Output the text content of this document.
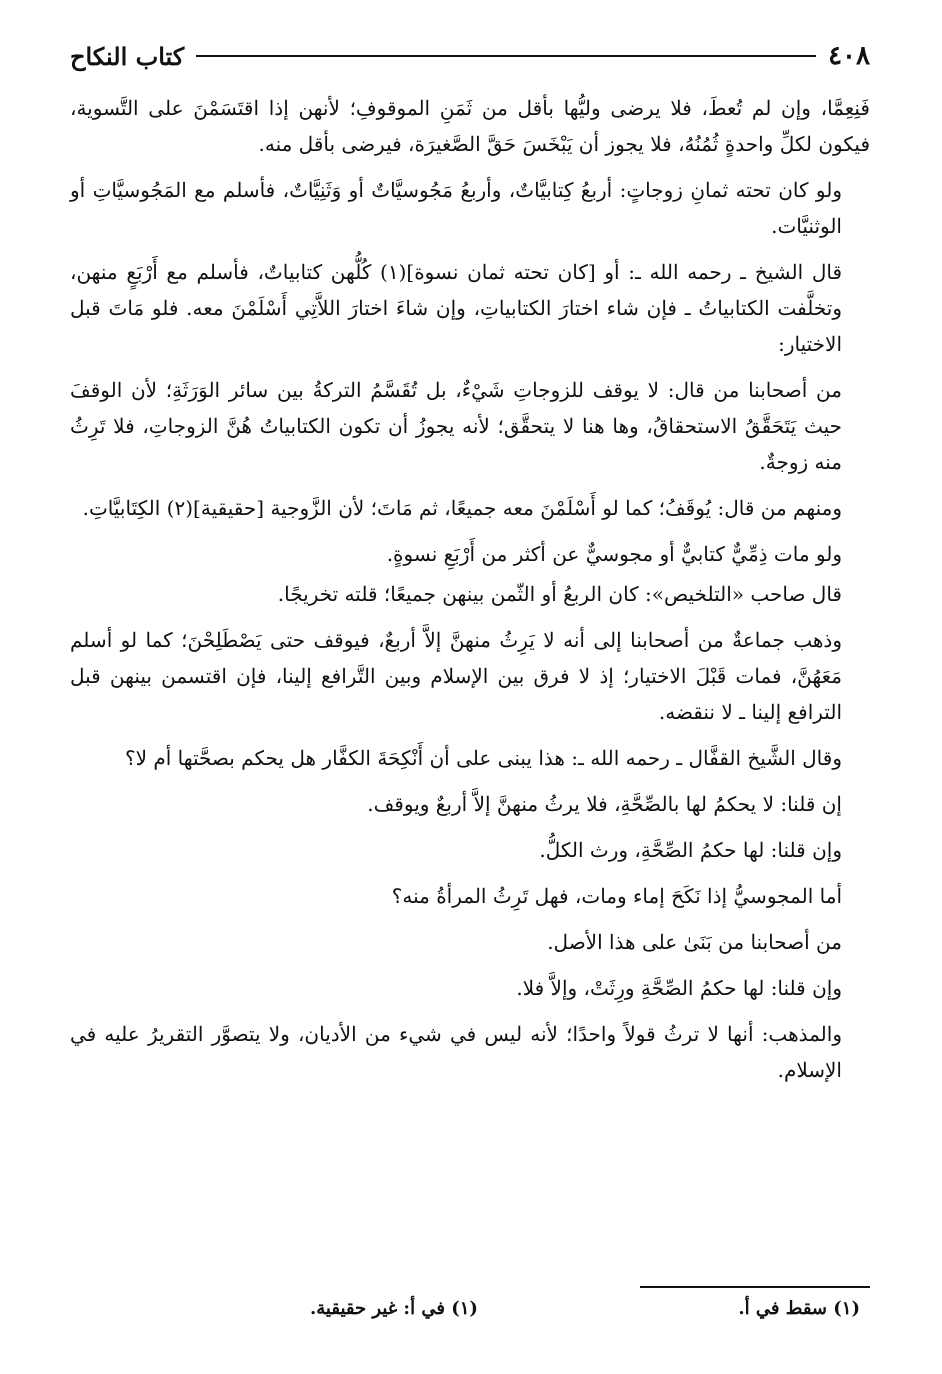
٤٠٨
كتاب النكاح

فَنِعِمَّا، وإن لم تُعطَ، فلا يرضى وليُّها بأقل من ثَمَنِ الموقوفِ؛ لأنهن إذا اقتَسَمْنَ على التَّسوية، فيكون لكلِّ واحدةٍ ثُمُنُهُ، فلا يجوز أن يَبْخَسَ حَقَّ الصَّغيرَة، فيرضى بأقل منه.

ولو كان تحته ثمانِ زوجاتٍ: أربعُ كِتابيَّاتٌ، وأربعُ مَجُوسيَّاتٌ أو وَثَنِيَّاتٌ، فأسلم مع المَجُوسيَّاتِ أو الوثنيَّات.

قال الشيخ ـ رحمه الله ـ: أو [كان تحته ثمان نسوة](١) كُلُّهن كتابياتٌ، فأسلم مع أَرْبَعٍ منهن، وتخلَّفت الكتابياتُ ـ فإن شاء اختارَ الكتابياتِ، وإن شاءَ اختارَ اللاَّتِي أَسْلَمْنَ معه. فلو مَاتَ قبل الاختيار:

من أصحابنا من قال: لا يوقف للزوجاتِ شَيْءٌ، بل تُقَسَّمُ التركةُ بين سائر الوَرَثَةِ؛ لأن الوقفَ حيث يَتَحَقَّقُ الاستحقاقُ، وها هنا لا يتحقَّق؛ لأنه يجوزُ أن تكون الكتابياتُ هُنَّ الزوجاتِ، فلا تَرِثُ منه زوجةٌ.

ومنهم من قال: يُوقَفُ؛ كما لو أَسْلَمْنَ معه جميعًا، ثم مَاتَ؛ لأن الزَّوجية [حقيقية](٢) الكِتَابيَّاتِ.

ولو مات ذِمِّيٌّ كتابيٌّ أو مجوسيٌّ عن أكثر من أَرْبَعِ نسوةٍ.

قال صاحب «التلخيص»: كان الربعُ أو الثّمن بينهن جميعًا؛ قلته تخريجًا.

وذهب جماعةٌ من أصحابنا إلى أنه لا يَرِثُ منهنَّ إلاَّ أربعٌ، فيوقف حتى يَصْطَلِحْنَ؛ كما لو أسلم مَعَهُنَّ، فمات قَبْلَ الاختيار؛ إذ لا فرق بين الإسلام وبين التَّرافع إلينا، فإن اقتسمن بينهن قبل الترافع إلينا ـ لا ننقضه.

وقال الشَّيخ القفَّال ـ رحمه الله ـ: هذا يبنى على أن أَنْكِحَةَ الكفَّار هل يحكم بصحَّتها أم لا؟

إن قلنا: لا يحكمُ لها بالصِّحَّةِ، فلا يرثُ منهنَّ إلاَّ أربعٌ ويوقف.

وإن قلنا: لها حكمُ الصِّحَّةِ، ورث الكلُّ.

أما المجوسيُّ إذا نَكَحَ إماء ومات، فهل تَرِثُ المرأةُ منه؟

من أصحابنا من بَنَىٰ على هذا الأصل.

وإن قلنا: لها حكمُ الصِّحَّةِ ورِثَتْ، وإلاَّ فلا.

والمذهب: أنها لا ترثُ قولاً واحدًا؛ لأنه ليس في شيء من الأديان، ولا يتصوَّر التقريرُ عليه في الإسلام.

(١) سقط في أ.
(١) في أ: غير حقيقية.
